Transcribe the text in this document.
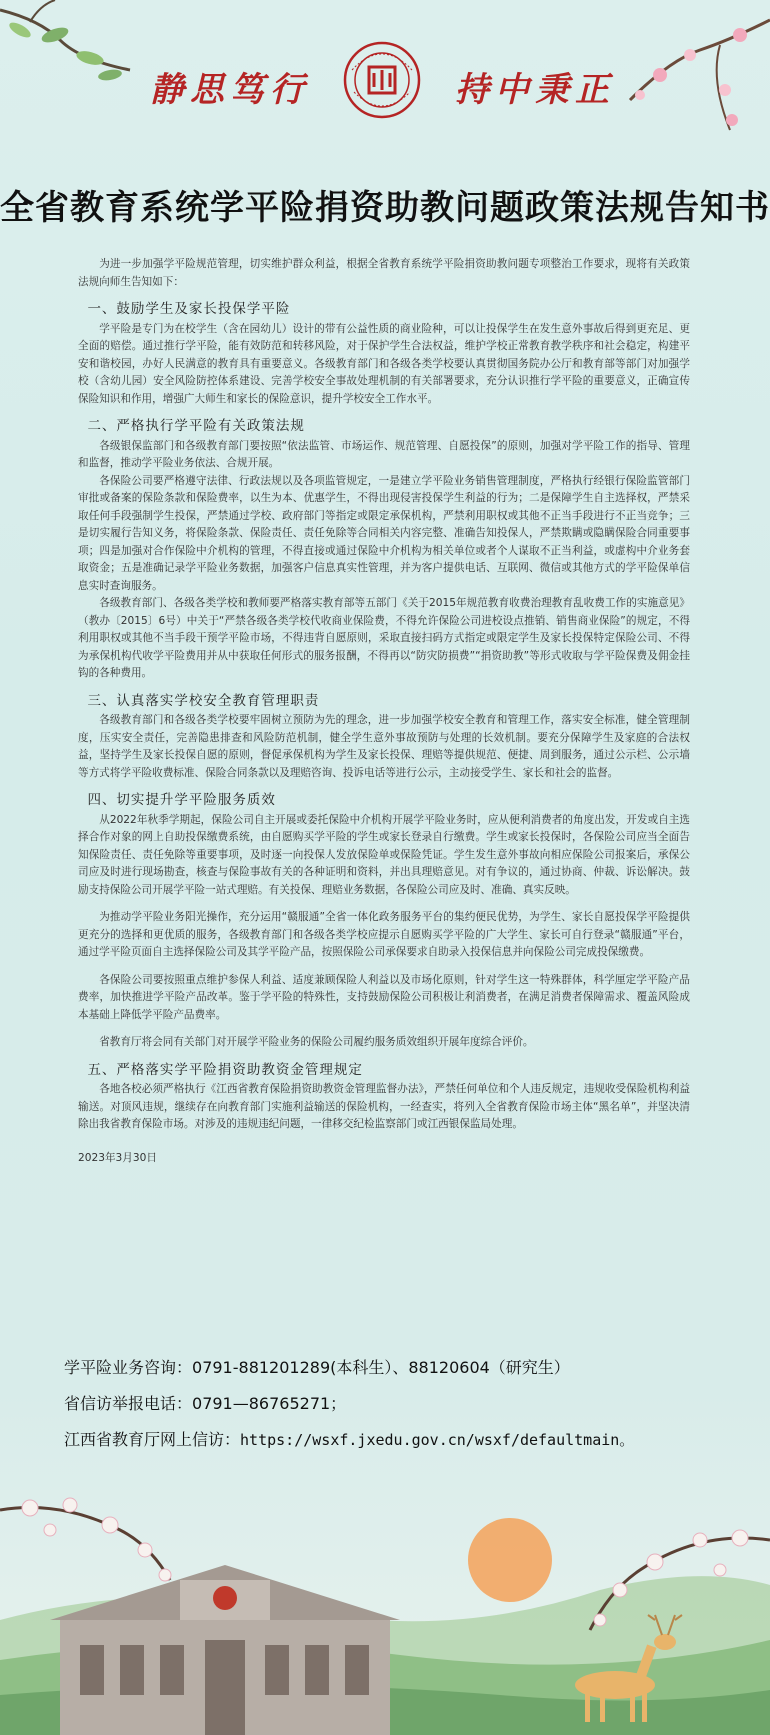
静思笃行	持中秉正
全省教育系统学平险捐资助教问题政策法规告知书

为进一步加强学平险规范管理，切实维护群众利益，根据全省教育系统学平险捐资助教问题专项整治工作要求，现将有关政策法规向师生告知如下：

一、鼓励学生及家长投保学平险

学平险是专门为在校学生（含在园幼儿）设计的带有公益性质的商业险种，可以让投保学生在发生意外事故后得到更充足、更全面的赔偿。通过推行学平险，能有效防范和转移风险，对于保护学生合法权益，维护学校正常教育教学秩序和社会稳定，构建平安和谐校园，办好人民满意的教育具有重要意义。各级教育部门和各级各类学校要认真贯彻国务院办公厅和教育部等部门对加强学校（含幼儿园）安全风险防控体系建设、完善学校安全事故处理机制的有关部署要求，充分认识推行学平险的重要意义，正确宣传保险知识和作用，增强广大师生和家长的保险意识，提升学校安全工作水平。

二、严格执行学平险有关政策法规

各级银保监部门和各级教育部门要按照“依法监管、市场运作、规范管理、自愿投保”的原则，加强对学平险工作的指导、管理和监督，推动学平险业务依法、合规开展。

各保险公司要严格遵守法律、行政法规以及各项监管规定，一是建立学平险业务销售管理制度，严格执行经银行保险监管部门审批或备案的保险条款和保险费率，以生为本、优惠学生，不得出现侵害投保学生利益的行为；二是保障学生自主选择权，严禁采取任何手段强制学生投保，严禁通过学校、政府部门等指定或限定承保机构，严禁利用职权或其他不正当手段进行不正当竞争；三是切实履行告知义务，将保险条款、保险责任、责任免除等合同相关内容完整、准确告知投保人，严禁欺瞒或隐瞒保险合同重要事项；四是加强对合作保险中介机构的管理，不得直接或通过保险中介机构为相关单位或者个人谋取不正当利益，或虚构中介业务套取资金；五是准确记录学平险业务数据，加强客户信息真实性管理，并为客户提供电话、互联网、微信或其他方式的学平险保单信息实时查询服务。

各级教育部门、各级各类学校和教师要严格落实教育部等五部门《关于2015年规范教育收费治理教育乱收费工作的实施意见》（教办〔2015〕6号）中关于“严禁各级各类学校代收商业保险费，不得允许保险公司进校设点推销、销售商业保险”的规定，不得利用职权或其他不当手段干预学平险市场，不得违背自愿原则，采取直接扫码方式指定或限定学生及家长投保特定保险公司、不得为承保机构代收学平险费用并从中获取任何形式的服务报酬，不得再以“防灾防损费”“捐资助教”等形式收取与学平险保费及佣金挂钩的各种费用。

三、认真落实学校安全教育管理职责

各级教育部门和各级各类学校要牢固树立预防为先的理念，进一步加强学校安全教育和管理工作，落实安全标准，健全管理制度，压实安全责任，完善隐患排查和风险防范机制，健全学生意外事故预防与处理的长效机制。要充分保障学生及家庭的合法权益，坚持学生及家长投保自愿的原则，督促承保机构为学生及家长投保、理赔等提供规范、便捷、周到服务，通过公示栏、公示墙等方式将学平险收费标准、保险合同条款以及理赔咨询、投诉电话等进行公示，主动接受学生、家长和社会的监督。

四、切实提升学平险服务质效

从2022年秋季学期起，保险公司自主开展或委托保险中介机构开展学平险业务时，应从便利消费者的角度出发，开发或自主选择合作对象的网上自助投保缴费系统，由自愿购买学平险的学生或家长登录自行缴费。学生或家长投保时，各保险公司应当全面告知保险责任、责任免除等重要事项，及时逐一向投保人发放保险单或保险凭证。学生发生意外事故向相应保险公司报案后，承保公司应及时进行现场勘查，核查与保险事故有关的各种证明和资料，并出具理赔意见。对有争议的，通过协商、仲裁、诉讼解决。鼓励支持保险公司开展学平险一站式理赔。有关投保、理赔业务数据，各保险公司应及时、准确、真实反映。

为推动学平险业务阳光操作，充分运用“赣服通”全省一体化政务服务平台的集约便民优势，为学生、家长自愿投保学平险提供更充分的选择和更优质的服务，各级教育部门和各级各类学校应提示自愿购买学平险的广大学生、家长可自行登录“赣服通”平台，通过学平险页面自主选择保险公司及其学平险产品，按照保险公司承保要求自助录入投保信息并向保险公司完成投保缴费。

各保险公司要按照重点维护参保人利益、适度兼顾保险人利益以及市场化原则，针对学生这一特殊群体，科学厘定学平险产品费率，加快推进学平险产品改革。鉴于学平险的特殊性，支持鼓励保险公司积极让利消费者，在满足消费者保障需求、覆盖风险成本基础上降低学平险产品费率。

省教育厅将会同有关部门对开展学平险业务的保险公司履约服务质效组织开展年度综合评价。

五、严格落实学平险捐资助教资金管理规定

各地各校必须严格执行《江西省教育保险捐资助教资金管理监督办法》，严禁任何单位和个人违反规定，违规收受保险机构利益输送。对顶风违规，继续存在向教育部门实施利益输送的保险机构，一经查实，将列入全省教育保险市场主体“黑名单”，并坚决清除出我省教育保险市场。对涉及的违规违纪问题，一律移交纪检监察部门或江西银保监局处理。

2023年3月30日

学平险业务咨询：0791-881201289(本科生）、88120604（研究生）
省信访举报电话：0791—86765271；
江西省教育厅网上信访：https://wsxf.jxedu.gov.cn/wsxf/defaultmain。
